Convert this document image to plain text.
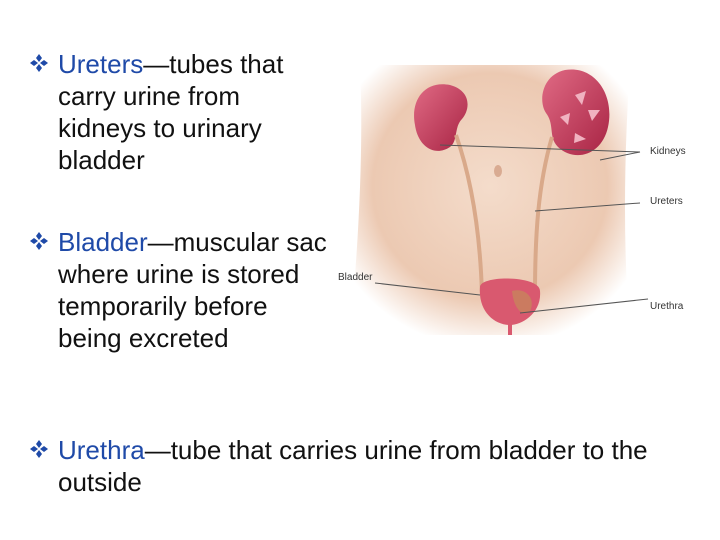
Ureters—tubes that carry urine from kidneys to urinary bladder
Bladder—muscular sac where urine is stored temporarily before being excreted
Urethra—tube that carries urine from bladder to the outside
Kidneys
Ureters
Bladder
Urethra
